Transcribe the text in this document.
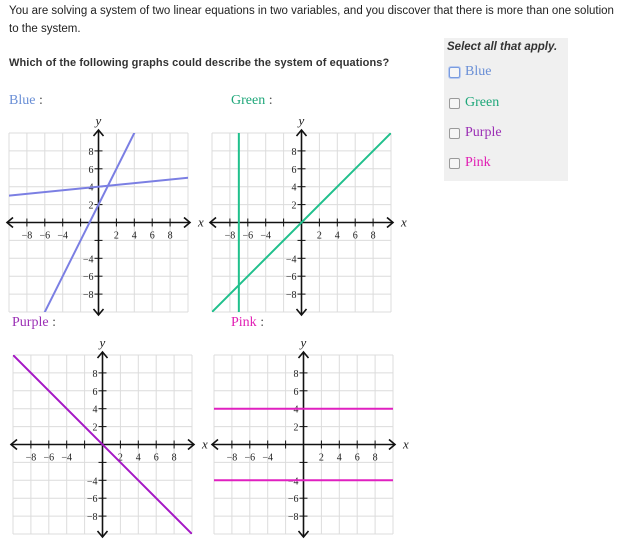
You are solving a system of two linear equations in two variables, and you discover that there is more than one solution to the system.
Which of the following graphs could describe the system of equations?
Select all that apply.
Blue
Green
Purple
Pink
Blue :	Green :
Purple :	Pink :
−8 −6 −4	2 4 6 8
8
6
4
2
−4
−6
−8
x
y
−8 −6 −4	2 4 6 8
8
6
4
2
−4
−6
−8
x
y
−8 −6 −4	2 4 6 8
8
6
4
2
−4
−6
−8
x
y
−8 −6 −4	2 4 6 8
8
6
4
2
−4
−6
−8
x
y
